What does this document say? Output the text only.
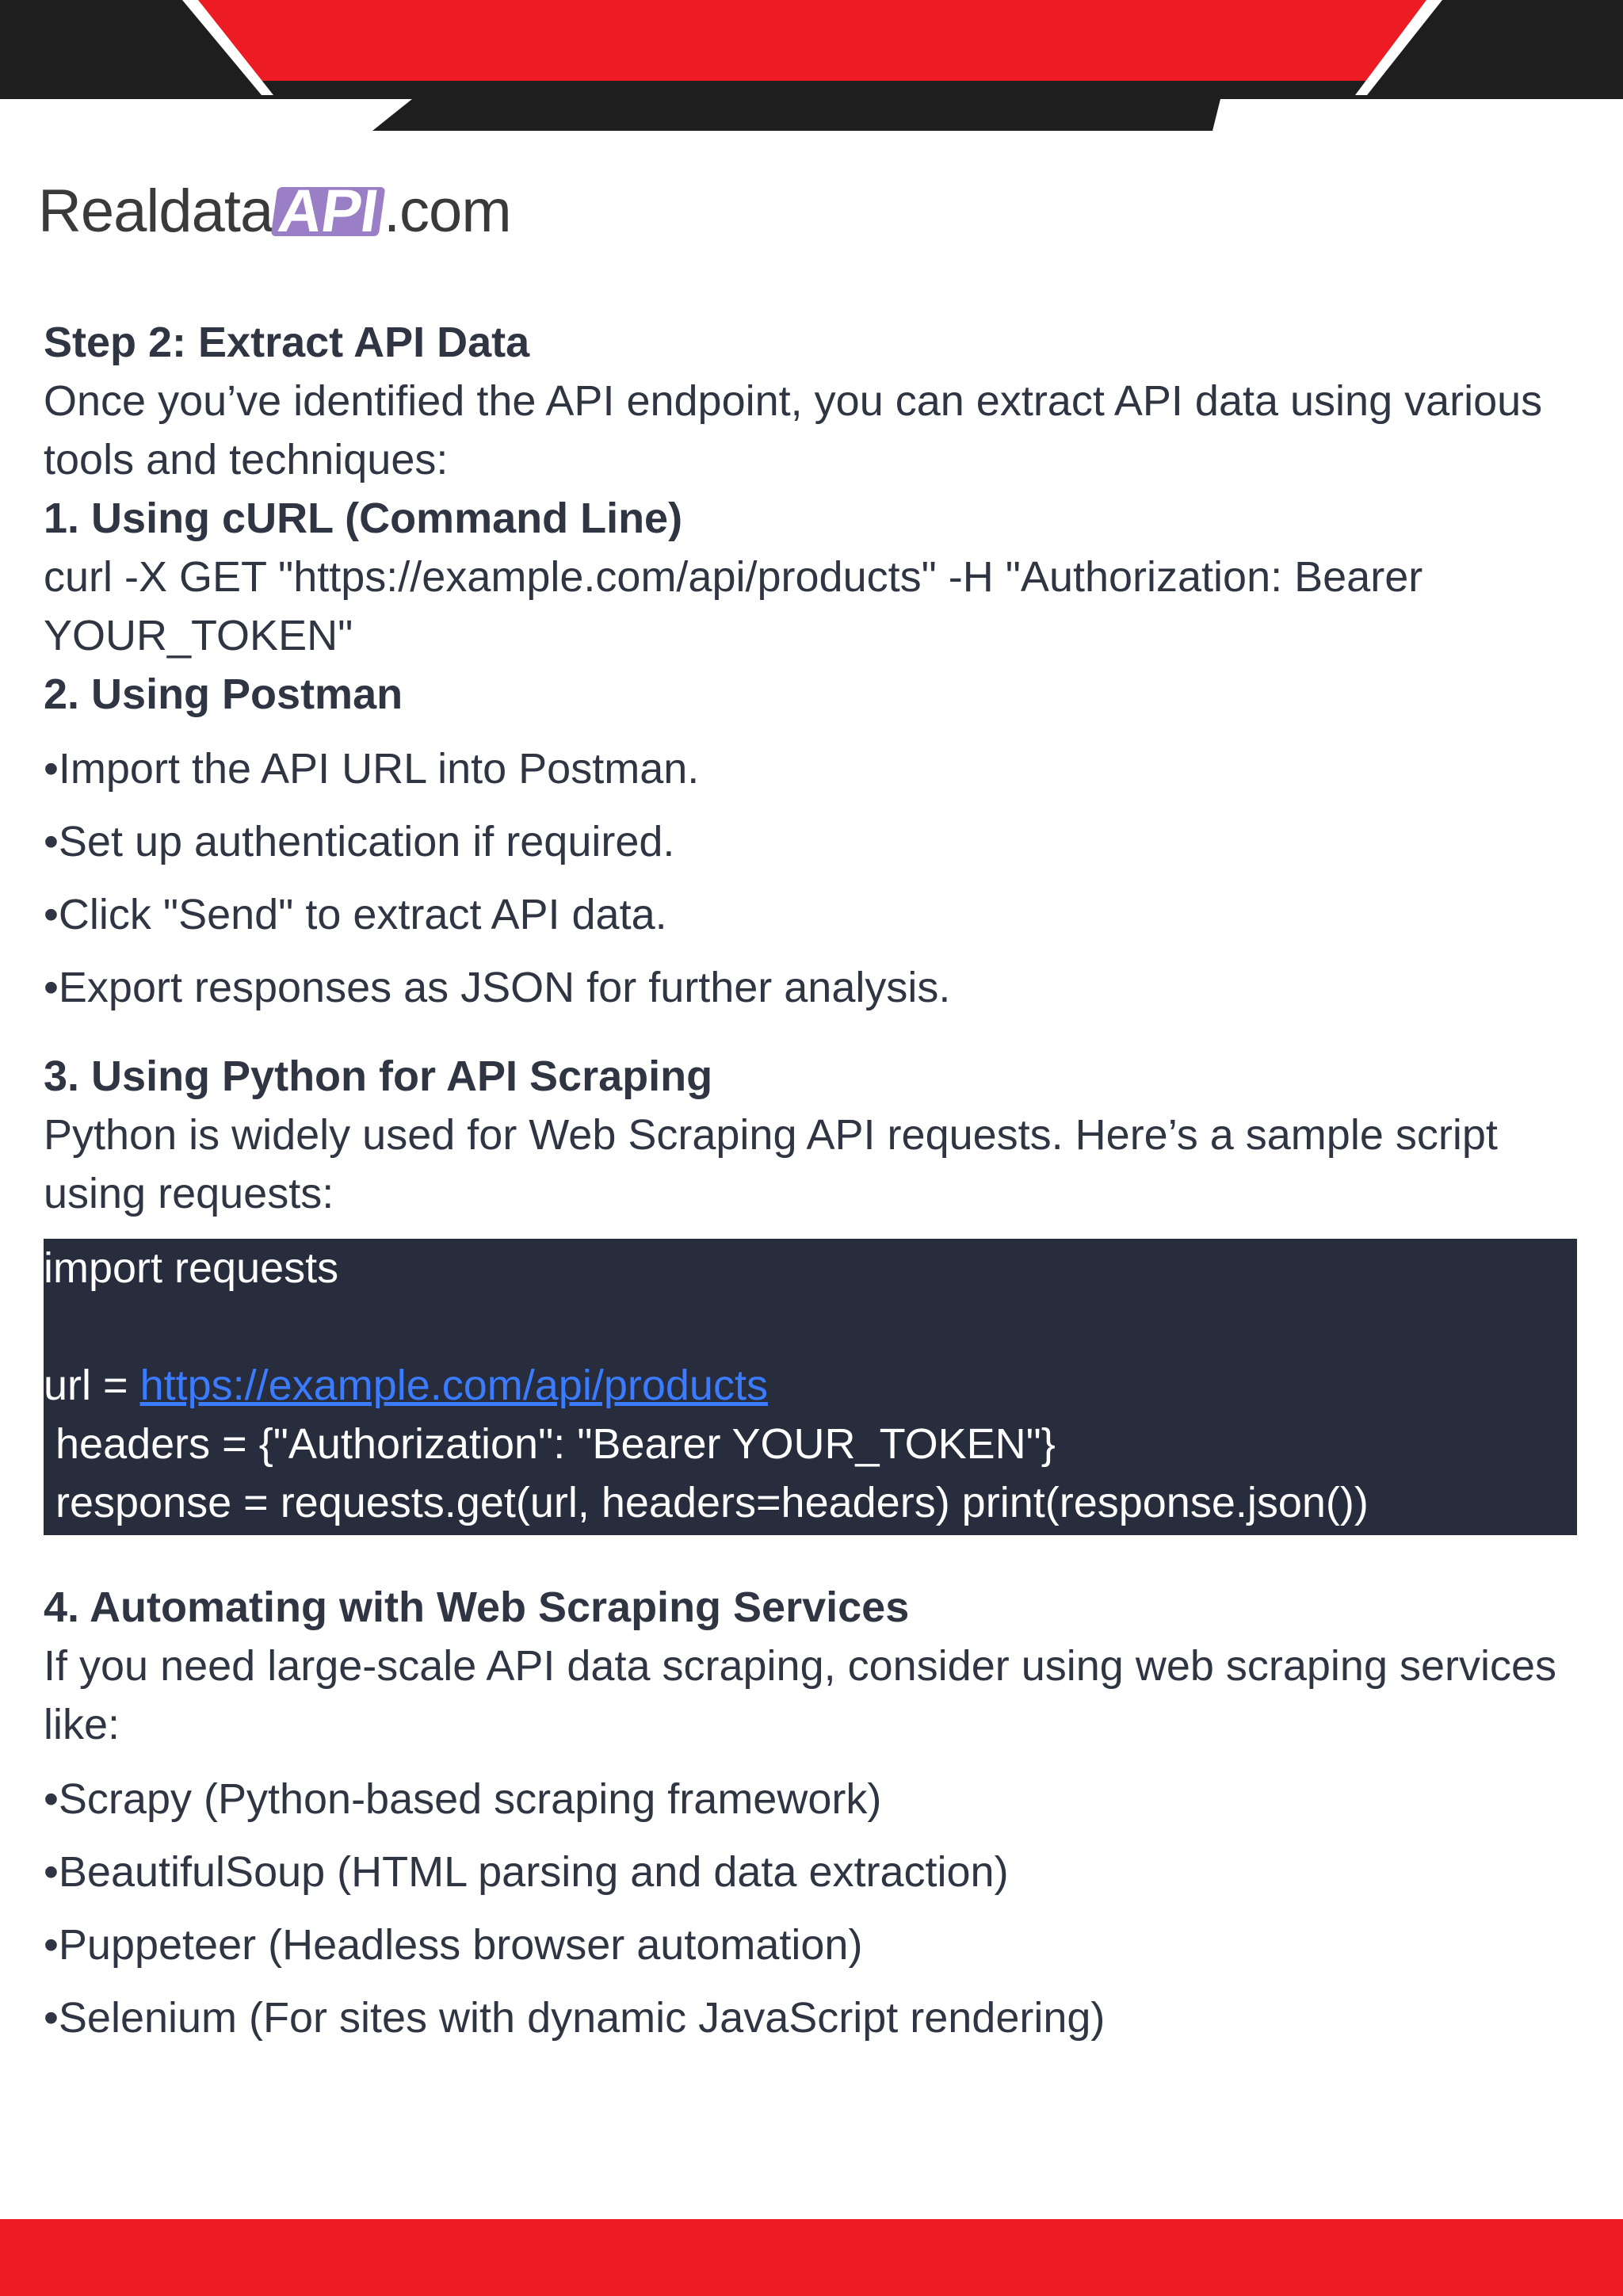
RealdataAPI.com

Step 2: Extract API Data

Once you’ve identified the API endpoint, you can extract API data using various tools and techniques:

1. Using cURL (Command Line)

curl -X GET "https://example.com/api/products" -H "Authorization: Bearer YOUR_TOKEN"

2. Using Postman

•Import the API URL into Postman.

•Set up authentication if required.

•Click "Send" to extract API data.

•Export responses as JSON for further analysis.

3. Using Python for API Scraping

Python is widely used for Web Scraping API requests. Here’s a sample script using requests:

import requests

url = https://example.com/api/products
headers = {"Authorization": "Bearer YOUR_TOKEN"}
response = requests.get(url, headers=headers) print(response.json())

4. Automating with Web Scraping Services

If you need large-scale API data scraping, consider using web scraping services like:

•Scrapy (Python-based scraping framework)

•BeautifulSoup (HTML parsing and data extraction)

•Puppeteer (Headless browser automation)

•Selenium (For sites with dynamic JavaScript rendering)
